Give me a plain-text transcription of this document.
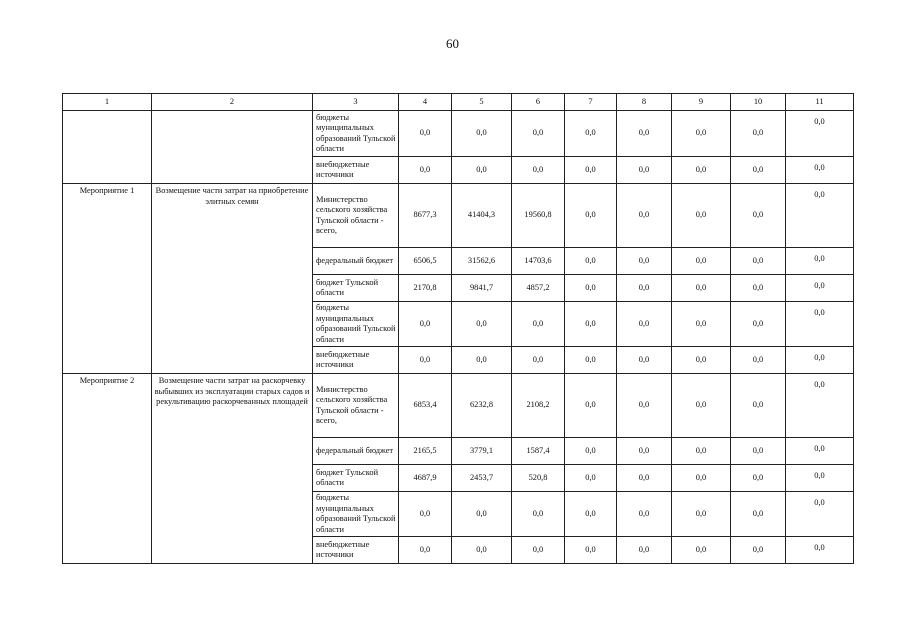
60
1	2	3	4	5	6	7	8	9	10	11
		бюджеты муниципальных образований Тульской области	0,0	0,0	0,0	0,0	0,0	0,0	0,0	0,0
		внебюджетные источники	0,0	0,0	0,0	0,0	0,0	0,0	0,0	0,0
Мероприятие 1	Возмещение части затрат на приобретение элитных семян	Министерство сельского хозяйства Тульской области - всего,	8677,3	41404,3	19560,8	0,0	0,0	0,0	0,0	0,0
		федеральный бюджет	6506,5	31562,6	14703,6	0,0	0,0	0,0	0,0	0,0
		бюджет Тульской области	2170,8	9841,7	4857,2	0,0	0,0	0,0	0,0	0,0
		бюджеты муниципальных образований Тульской области	0,0	0,0	0,0	0,0	0,0	0,0	0,0	0,0
		внебюджетные источники	0,0	0,0	0,0	0,0	0,0	0,0	0,0	0,0
Мероприятие 2	Возмещение части затрат на раскорчевку выбывших из эксплуатации старых садов и рекультивацию раскорчеванных площадей	Министерство сельского хозяйства Тульской области - всего,	6853,4	6232,8	2108,2	0,0	0,0	0,0	0,0	0,0
		федеральный бюджет	2165,5	3779,1	1587,4	0,0	0,0	0,0	0,0	0,0
		бюджет Тульской области	4687,9	2453,7	520,8	0,0	0,0	0,0	0,0	0,0
		бюджеты муниципальных образований Тульской области	0,0	0,0	0,0	0,0	0,0	0,0	0,0	0,0
		внебюджетные источники	0,0	0,0	0,0	0,0	0,0	0,0	0,0	0,0
